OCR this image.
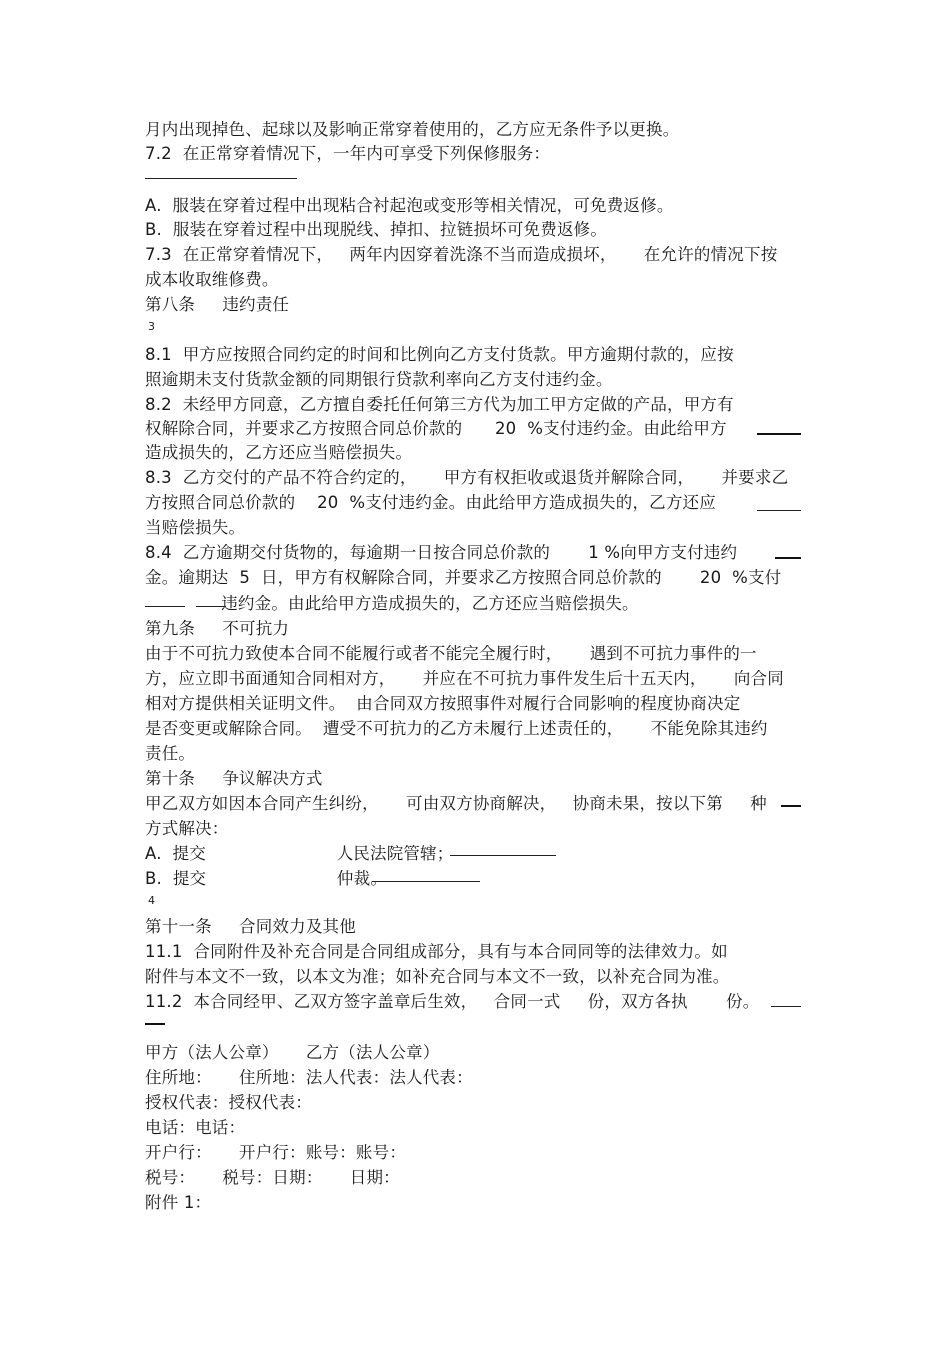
月内出现掉色、起球以及影响正常穿着使用的，乙方应无条件予以更换。

7.2  在正常穿着情况下，一年内可享受下列保修服务：

A.  服装在穿着过程中出现粘合衬起泡或变形等相关情况，可免费返修。

B.  服装在穿着过程中出现脱线、掉扣、拉链损坏可免费返修。

7.3  在正常穿着情况下，   两年内因穿着洗涤不当而造成损坏，     在允许的情况下按

成本收取维修费。

第八条     违约责任

3

8.1  甲方应按照合同约定的时间和比例向乙方支付货款。甲方逾期付款的，应按

照逾期未支付货款金额的同期银行贷款利率向乙方支付违约金。

8.2  未经甲方同意，乙方擅自委托任何第三方代为加工甲方定做的产品，甲方有

权解除合同，并要求乙方按照合同总价款的      20  %支付违约金。由此给甲方

造成损失的，乙方还应当赔偿损失。

8.3  乙方交付的产品不符合约定的，     甲方有权拒收或退货并解除合同，     并要求乙

方按照合同总价款的    20  %支付违约金。由此给甲方造成损失的，乙方还应

当赔偿损失。

8.4  乙方逾期交付货物的，每逾期一日按合同总价款的       1 %向甲方支付违约

金。逾期达  5  日，甲方有权解除合同，并要求乙方按照合同总价款的       20  %支付

违约金。由此给甲方造成损失的，乙方还应当赔偿损失。

第九条     不可抗力

由于不可抗力致使本合同不能履行或者不能完全履行时，     遇到不可抗力事件的一

方，应立即书面通知合同相对方，     并应在不可抗力事件发生后十五天内，     向合同

相对方提供相关证明文件。  由合同双方按照事件对履行合同影响的程度协商决定

是否变更或解除合同。  遭受不可抗力的乙方未履行上述责任的，     不能免除其违约

责任。

第十条     争议解决方式

甲乙双方如因本合同产生纠纷，     可由双方协商解决，   协商未果，按以下第     种

方式解决：

A.  提交                        人民法院管辖；

B.  提交                        仲裁。

4

第十一条     合同效力及其他

11.1  合同附件及补充合同是合同组成部分，具有与本合同同等的法律效力。如

附件与本文不一致，以本文为准；如补充合同与本文不一致，以补充合同为准。

11.2  本合同经甲、乙双方签字盖章后生效，   合同一式     份，双方各执       份。

甲方（法人公章）     乙方（法人公章）

住所地：     住所地：法人代表：法人代表：

授权代表：授权代表：

电话：电话：

开户行：     开户行：账号：账号：

税号：     税号：日期：     日期：

附件 1：
